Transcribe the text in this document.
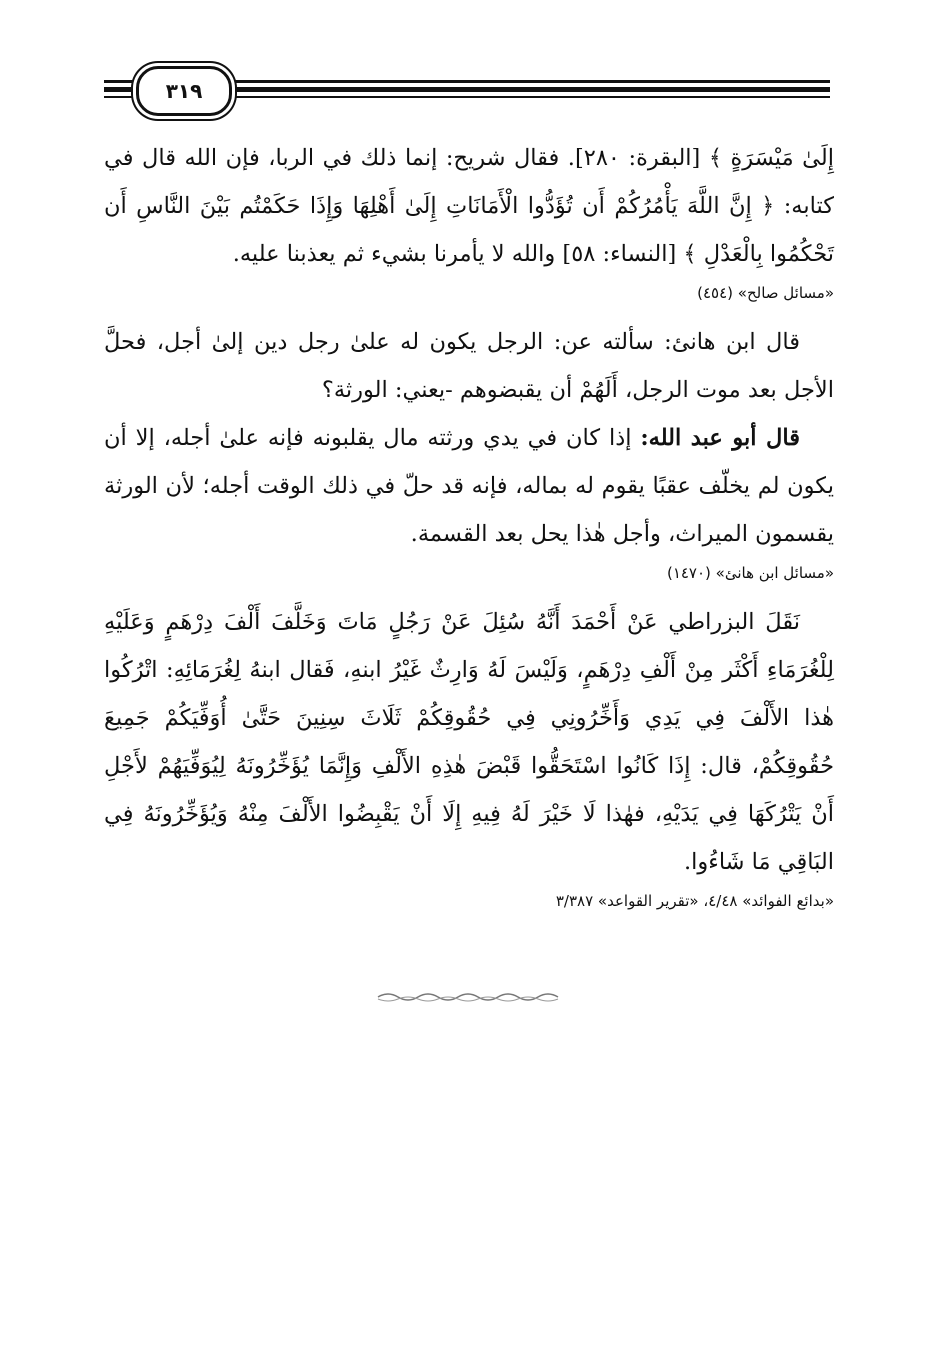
٣١٩

إِلَىٰ مَيْسَرَةٍ ﴾ [البقرة: ٢٨٠]. فقال شريح: إنما ذلك في الربا، فإن الله قال في كتابه: ﴿ إِنَّ اللَّهَ يَأْمُرُكُمْ أَن تُؤَدُّوا الْأَمَانَاتِ إِلَىٰ أَهْلِهَا وَإِذَا حَكَمْتُم بَيْنَ النَّاسِ أَن تَحْكُمُوا بِالْعَدْلِ ﴾ [النساء: ٥٨] والله لا يأمرنا بشيء ثم يعذبنا عليه.

«مسائل صالح» (٤٥٤)

قال ابن هانئ: سألته عن: الرجل يكون له علىٰ رجل دين إلىٰ أجل، فحلَّ الأجل بعد موت الرجل، أَلَهُمْ أن يقبضوهم -يعني: الورثة؟

قال أبو عبد الله: إذا كان في يدي ورثته مال يقلبونه فإنه علىٰ أجله، إلا أن يكون لم يخلّف عقبًا يقوم له بماله، فإنه قد حلّ في ذلك الوقت أجله؛ لأن الورثة يقسمون الميراث، وأجل هٰذا يحل بعد القسمة.

«مسائل ابن هانئ» (١٤٧٠)

نَقَلَ البزراطي عَنْ أَحْمَدَ أَنَّهُ سُئِلَ عَنْ رَجُلٍ مَاتَ وَخَلَّفَ أَلْفَ دِرْهَمٍ وَعَلَيْهِ لِلْغُرَمَاءِ أَكْثَر مِنْ أَلْفِ دِرْهَمٍ، وَلَيْسَ لَهُ وَارِثٌ غَيْرُ ابنهِ، فَقال ابنهُ لِغُرَمَائِهِ: اتْرُكُوا هٰذا الأَلْفَ فِي يَدِي وَأَخِّرُونِي فِي حُقُوقِكُمْ ثَلَاثَ سِنِينَ حَتَّىٰ أُوَفِّيَكُمْ جَمِيعَ حُقُوقِكُمْ، قال: إِذَا كَانُوا اسْتَحَقُّوا قَبْضَ هٰذِهِ الأَلْفِ وَإِنَّمَا يُؤَخِّرُونَهُ لِيُوَفِّيَهُمْ لأَجْلِ أَنْ يَتْرُكَهَا فِي يَدَيْهِ، فهٰذا لَا خَيْرَ لَهُ فِيهِ إِلَا أَنْ يَقْبِضُوا الأَلْفَ مِنْهُ وَيُؤَخِّرُونَهُ فِي البَاقِي مَا شَاءُوا.

«بدائع الفوائد» ٤/٤٨، «تقرير القواعد» ٣/٣٨٧
